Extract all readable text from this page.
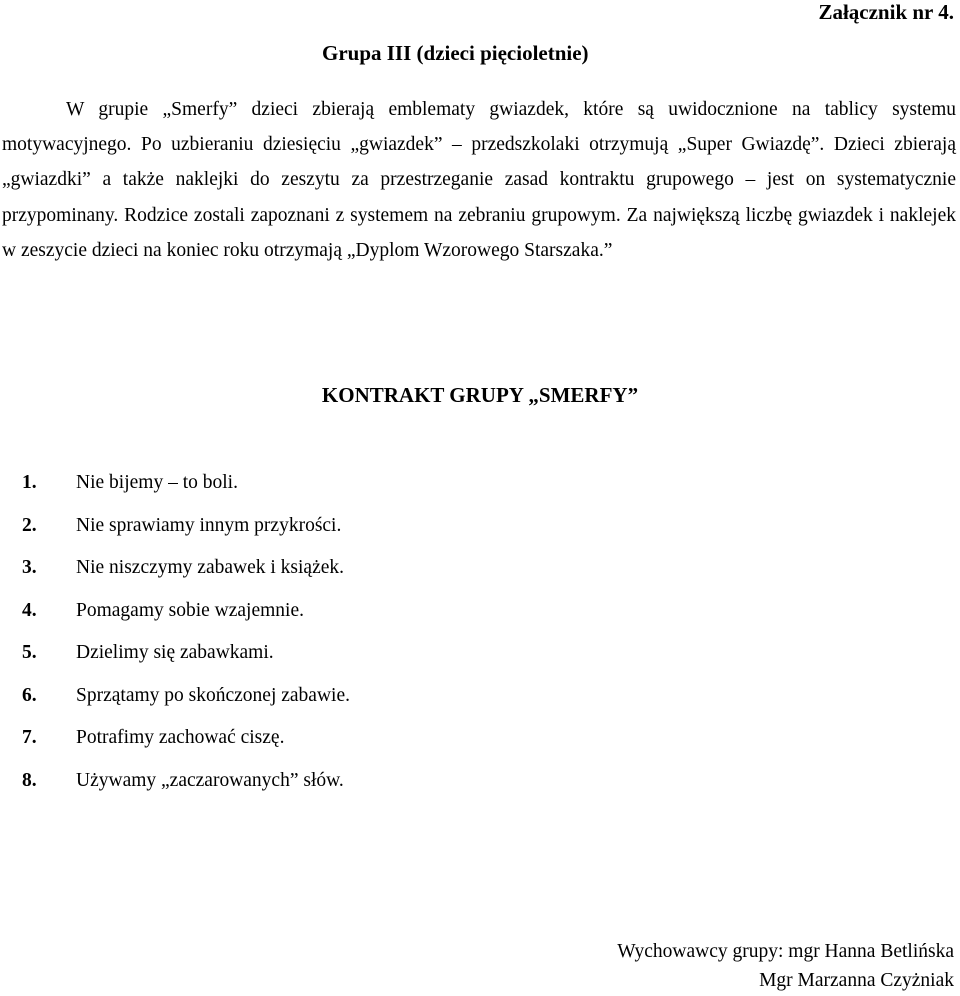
Załącznik nr 4.
Grupa III (dzieci pięcioletnie)

W grupie „Smerfy” dzieci zbierają emblematy gwiazdek, które są uwidocznione na tablicy systemu motywacyjnego. Po uzbieraniu dziesięciu „gwiazdek” – przedszkolaki otrzymują „Super Gwiazdę”. Dzieci zbierają „gwiazdki” a także naklejki do zeszytu za przestrzeganie zasad kontraktu grupowego – jest on systematycznie przypominany. Rodzice zostali zapoznani z systemem na zebraniu grupowym. Za największą liczbę gwiazdek i naklejek w zeszycie dzieci na koniec roku otrzymają „Dyplom Wzorowego Starszaka.”

KONTRAKT GRUPY „SMERFY”
1.	Nie bijemy – to boli.
2.	Nie sprawiamy innym przykrości.
3.	Nie niszczymy zabawek i książek.
4.	Pomagamy sobie wzajemnie.
5.	Dzielimy się zabawkami.
6.	Sprzątamy po skończonej zabawie.
7.	Potrafimy zachować ciszę.
8.	Używamy „zaczarowanych” słów.
Wychowawcy grupy: mgr Hanna Betlińska
Mgr Marzanna Czyżniak
